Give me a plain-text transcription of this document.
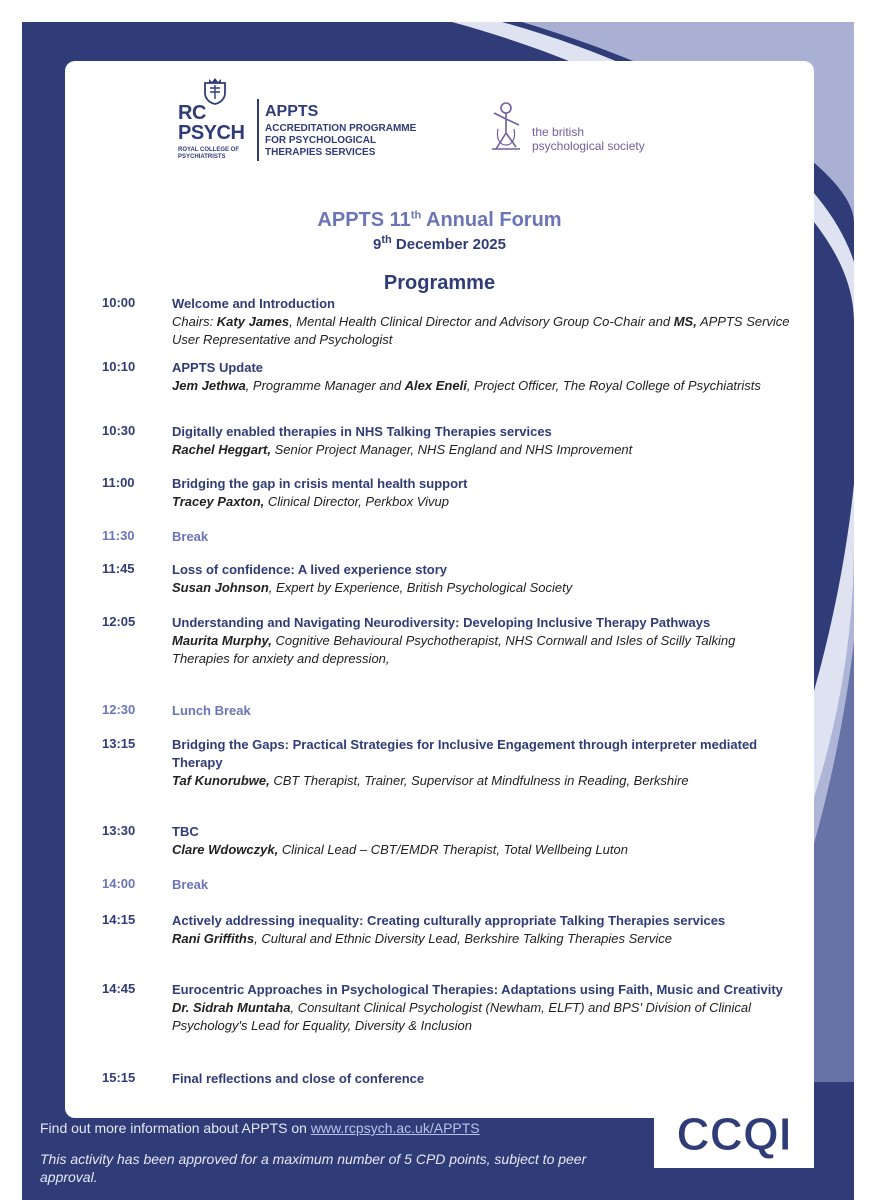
RC
PSYCH
ROYAL COLLEGE OF PSYCHIATRISTS
APPTS
ACCREDITATION PROGRAMME FOR PSYCHOLOGICAL THERAPIES SERVICES
the british
psychological society
APPTS 11th Annual Forum
9th December 2025
Programme
10:00	Welcome and Introduction
Chairs: Katy James, Mental Health Clinical Director and Advisory Group Co-Chair and MS, APPTS Service User Representative and Psychologist
10:10	APPTS Update
Jem Jethwa, Programme Manager and Alex Eneli, Project Officer, The Royal College of Psychiatrists
10:30	Digitally enabled therapies in NHS Talking Therapies services
Rachel Heggart, Senior Project Manager, NHS England and NHS Improvement
11:00	Bridging the gap in crisis mental health support
Tracey Paxton, Clinical Director, Perkbox Vivup
11:30	Break
11:45	Loss of confidence: A lived experience story
Susan Johnson, Expert by Experience, British Psychological Society
12:05	Understanding and Navigating Neurodiversity: Developing Inclusive Therapy Pathways
Maurita Murphy, Cognitive Behavioural Psychotherapist, NHS Cornwall and Isles of Scilly Talking Therapies for anxiety and depression,
12:30	Lunch Break
13:15	Bridging the Gaps: Practical Strategies for Inclusive Engagement through interpreter mediated Therapy
Taf Kunorubwe, CBT Therapist, Trainer, Supervisor at Mindfulness in Reading, Berkshire
13:30	TBC
Clare Wdowczyk, Clinical Lead – CBT/EMDR Therapist, Total Wellbeing Luton
14:00	Break
14:15	Actively addressing inequality: Creating culturally appropriate Talking Therapies services
Rani Griffiths, Cultural and Ethnic Diversity Lead, Berkshire Talking Therapies Service
14:45	Eurocentric Approaches in Psychological Therapies: Adaptations using Faith, Music and Creativity
Dr. Sidrah Muntaha, Consultant Clinical Psychologist (Newham, ELFT) and BPS' Division of Clinical Psychology's Lead for Equality, Diversity & Inclusion
15:15	Final reflections and close of conference
Find out more information about APPTS on www.rcpsych.ac.uk/APPTS
This activity has been approved for a maximum number of 5 CPD points, subject to peer approval.
CCQI
